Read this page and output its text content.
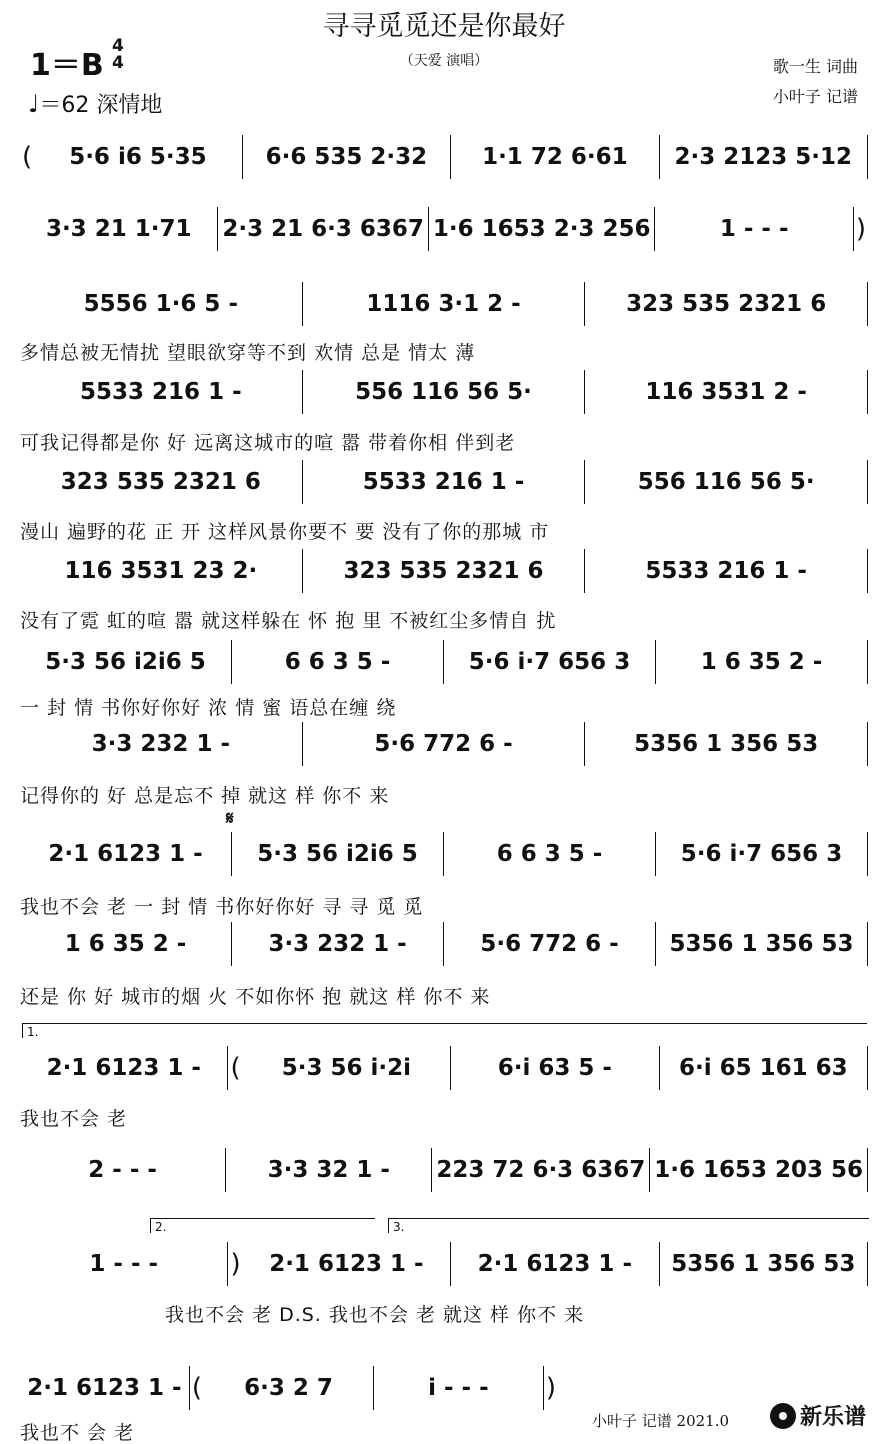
寻寻觅觅还是你最好
（天爱 演唱）
1＝B
4
4
♩＝62 深情地
歌一生 词曲
小叶子 记谱
(	5·6 i6 5·35	6·6 535 2·32	1·1 72 6·61	2·3 2123 5·12
3·3 21 1·71	2·3 21 6·3 6367 1·6 1653 2·3 256	1 - - -	)
5556 1·6 5 -	1116 3·1 2 -	323 535 2321 6
多情总被无情扰 望眼欲穿等不到 欢情 总是 情太 薄
5533 216 1 -	556 116 56 5·	116 3531 2 -
可我记得都是你 好 远离这城市的喧 嚣 带着你相 伴到老
323 535 2321 6	5533 216 1 -	556 116 56 5·
漫山 遍野的花 正 开 这样风景你要不 要 没有了你的那城 市
116 3531 23 2·	323 535 2321 6	5533 216 1 -
没有了霓 虹的喧 嚣 就这样躲在 怀 抱 里 不被红尘多情自 扰
5·3 56 i2i6 5	6 6 3 5 -	5·6 i·7 656 3	1 6 35 2 -
一 封 情 书你好你好 浓 情 蜜 语总在缠 绕
3·3 232 1 -	5·6 772 6 -	5356 1 356 53
记得你的 好 总是忘不 掉 就这 样 你不 来
𝄋
2·1 6123 1 -	5·3 56 i2i6 5	6 6 3 5 -	5·6 i·7 656 3
我也不会 老 一 封 情 书你好你好 寻 寻 觅 觅
1 6 35 2 -	3·3 232 1 -	5·6 772 6 -	5356 1 356 53
还是 你 好 城市的烟 火 不如你怀 抱 就这 样 你不 来
1.
2·1 6123 1 -	(	5·3 56 i·2i	6·i 63 5 -	6·i 65 161 63
我也不会 老
2 - - -	3·3 32 1 -	223 72 6·3 6367 1·6 1653 203 56
2.	3.
1 - - -	)	2·1 6123 1 -	2·1 6123 1 -	5356 1 356 53
我也不会 老 D.S. 我也不会 老 就这 样 你不 来
2·1 6123 1 - (	6·3 2 7	i - - -	)
我也不 会 老
小叶子 记谱 2021.0	新乐谱
